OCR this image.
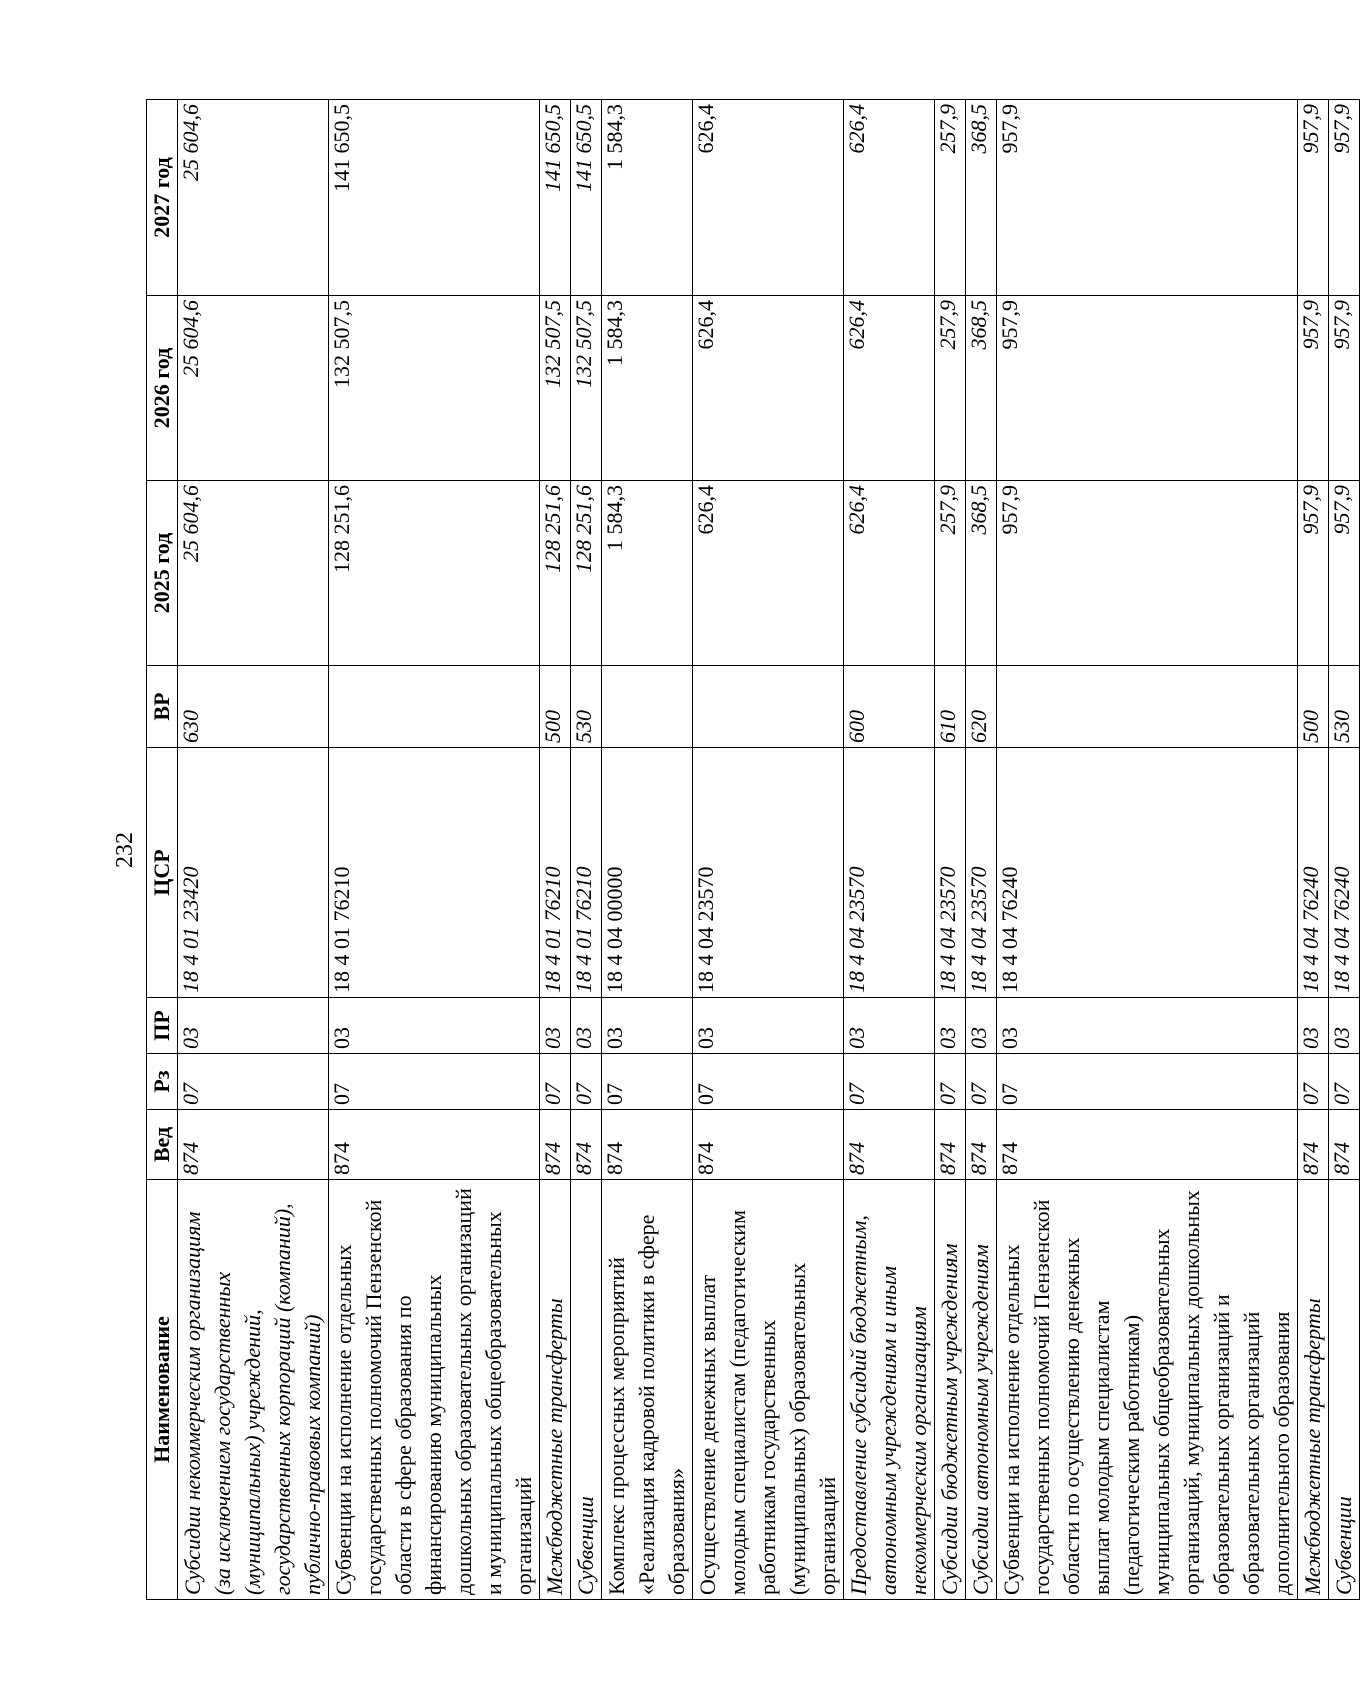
232
Наименование	Вед	Рз	ПР	ЦСР	ВР	2025 год	2026 год	2027 год
Субсидии некоммерческим организациям (за исключением государственных (муниципальных) учреждений, государственных корпораций (компаний), публично-правовых компаний)	874	07	03	18 4 01 23420	630	25 604,6	25 604,6	25 604,6
Субвенции на исполнение отдельных государственных полномочий Пензенской области в сфере образования по финансированию муниципальных дошкольных образовательных организаций и муниципальных общеобразовательных организаций	874	07	03	18 4 01 76210		128 251,6	132 507,5	141 650,5
Межбюджетные трансферты	874	07	03	18 4 01 76210	500	128 251,6	132 507,5	141 650,5
Субвенции	874	07	03	18 4 01 76210	530	128 251,6	132 507,5	141 650,5
Комплекс процессных мероприятий «Реализация кадровой политики в сфере образования»	874	07	03	18 4 04 00000		1 584,3	1 584,3	1 584,3
Осуществление денежных выплат молодым специалистам (педагогическим работникам государственных (муниципальных) образовательных организаций	874	07	03	18 4 04 23570		626,4	626,4	626,4
Предоставление субсидий бюджетным, автономным учреждениям и иным некоммерческим организациям	874	07	03	18 4 04 23570	600	626,4	626,4	626,4
Субсидии бюджетным учреждениям	874	07	03	18 4 04 23570	610	257,9	257,9	257,9
Субсидии автономным учреждениям	874	07	03	18 4 04 23570	620	368,5	368,5	368,5
Субвенции на исполнение отдельных государственных полномочий Пензенской области по осуществлению денежных выплат молодым специалистам (педагогическим работникам) муниципальных общеобразовательных организаций, муниципальных дошкольных образовательных организаций и образовательных организаций дополнительного образования	874	07	03	18 4 04 76240		957,9	957,9	957,9
Межбюджетные трансферты	874	07	03	18 4 04 76240	500	957,9	957,9	957,9
Субвенции	874	07	03	18 4 04 76240	530	957,9	957,9	957,9
